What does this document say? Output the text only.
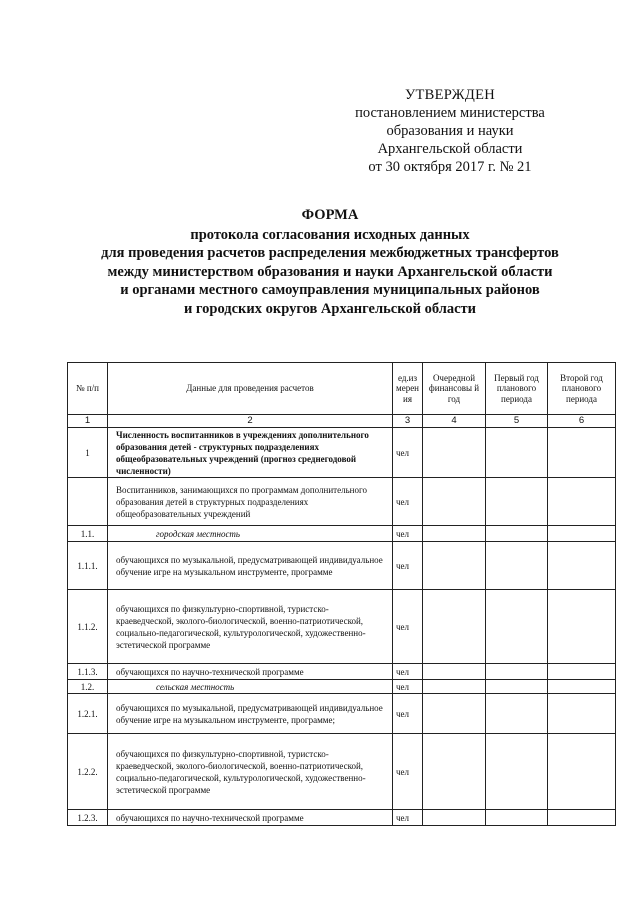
УТВЕРЖДЕН
постановлением министерства
образования и науки
Архангельской области
от 30 октября 2017 г. № 21
ФОРМА
протокола согласования исходных данных
для проведения расчетов распределения межбюджетных трансфертов
между министерством образования и науки Архангельской области
и органами местного самоуправления муниципальных районов
и городских округов Архангельской области
№ п/п	Данные для проведения расчетов	ед.из мерен ия	Очередной финансовы й год	Первый год планового периода	Второй год планового периода
1	2	3	4	5	6
1	Численность воспитанников в учреждениях дополнительного образования детей - структурных подразделениях общеобразовательных учреждений (прогноз среднегодовой численности)	чел			
	Воспитанников, занимающихся по программам дополнительного образования детей в структурных подразделениях общеобразовательных учреждений	чел			
1.1.	городская местность	чел			
1.1.1.	обучающихся по музыкальной, предусматривающей индивидуальное обучение игре на музыкальном инструменте, программе	чел			
1.1.2.	обучающихся по физкультурно-спортивной, туристско-краеведческой, эколого-биологической, военно-патриотической, социально-педагогической, культурологической, художественно-эстетической программе	чел			
1.1.3.	обучающихся по научно-технической программе	чел			
1.2.	сельская местность	чел			
1.2.1.	обучающихся по музыкальной, предусматривающей индивидуальное обучение игре на музыкальном инструменте, программе;	чел			
1.2.2.	обучающихся по физкультурно-спортивной, туристско-краеведческой, эколого-биологической, военно-патриотической, социально-педагогической, культурологической, художественно-эстетической программе	чел			
1.2.3.	обучающихся по научно-технической программе	чел			
